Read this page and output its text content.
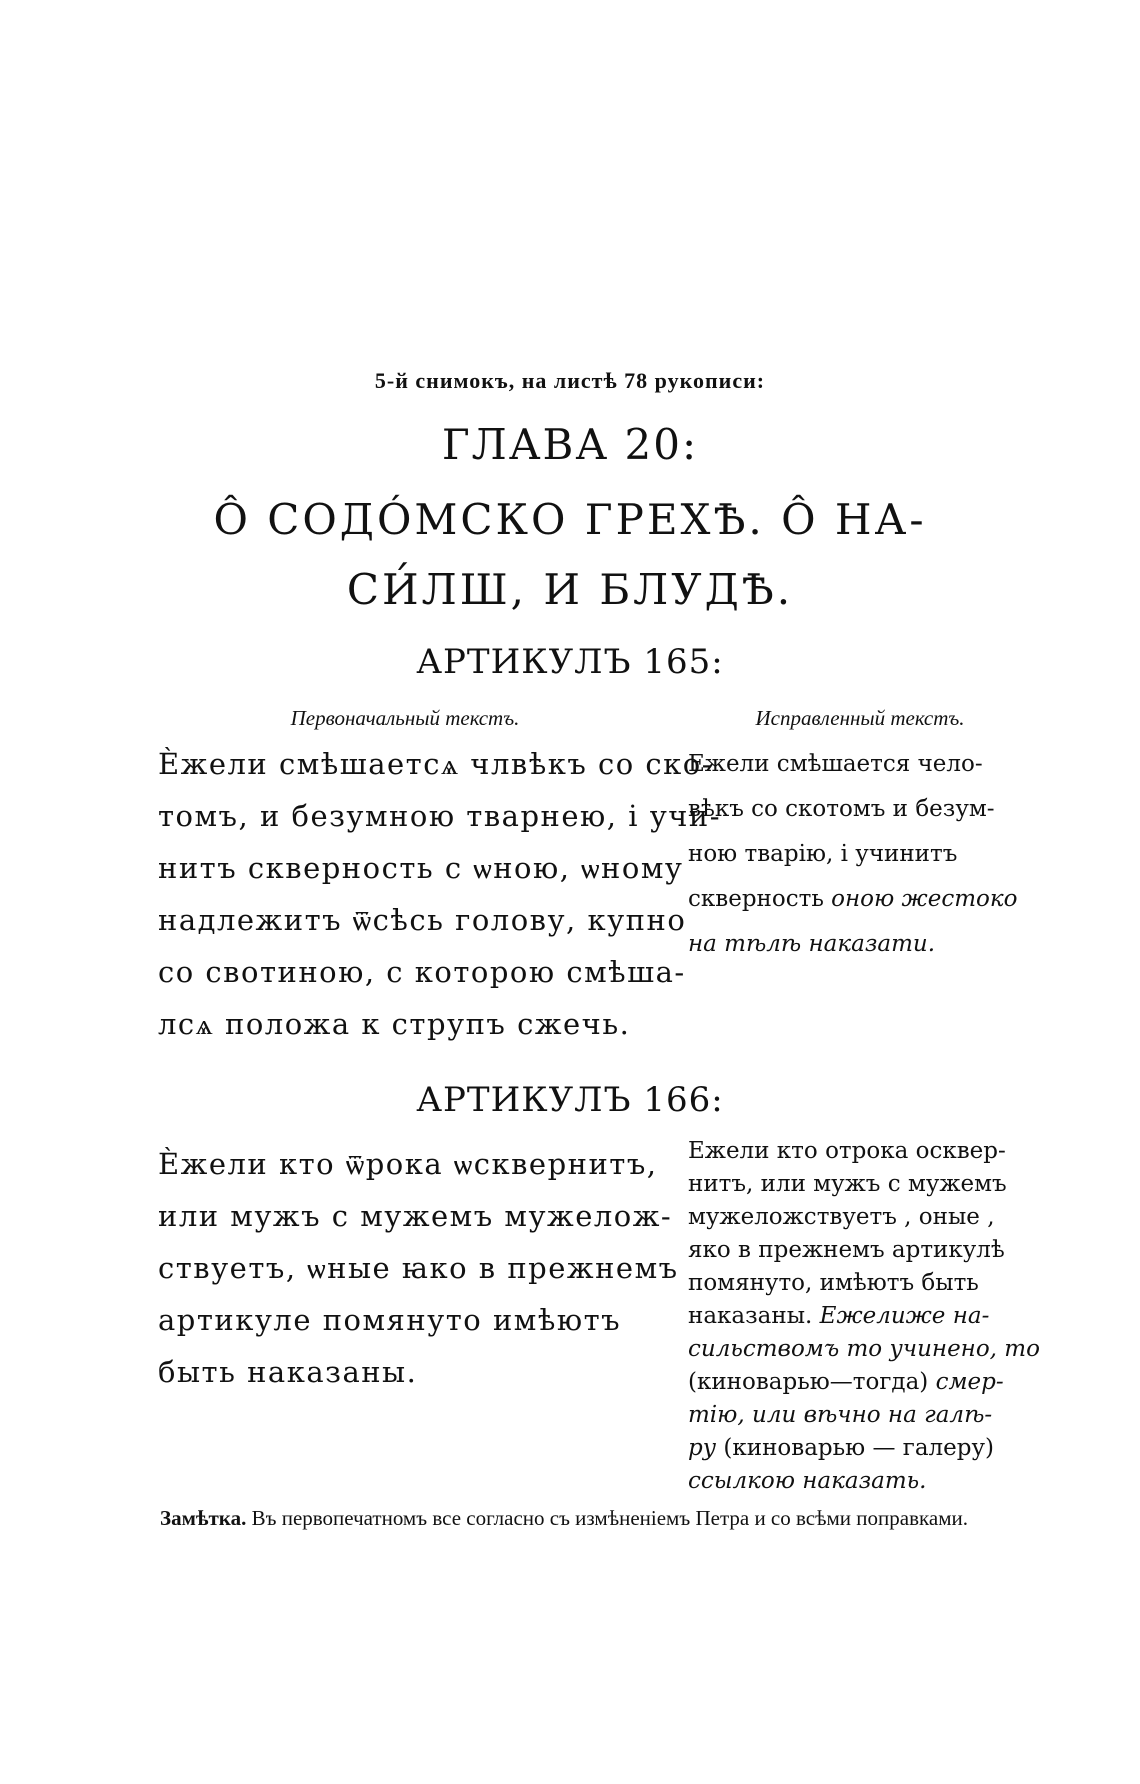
5-й снимокъ, на листѣ 78 рукописи:
ГЛАВА 20:
Ô СОДÓМСКО ГРЕХѢ. Ô НА-
СИ́ЛШ, И БЛУДѢ.
АРТИКУЛЪ 165:
Первоначальный текстъ.	Исправленный текстъ.
Ѐжели смѣшаетсѧ члвѣкъ со ско-
томъ, и безумною тварнею, і учи-
нитъ скверность с ѡною, ѡному
надлежитъ ѿсѣсь голову, купно
со свотиною, с которою смѣша-
лсѧ положа к струпъ сжечь.
Ежели смѣшается чело-
вѣкъ со скотомъ и безум-
ною тварію, і учинитъ
скверность оною жестоко
на тѣлѣ наказати.
АРТИКУЛЪ 166:
Ѐжели кто ѿрока ѡсквернитъ,
или мужъ с мужемъ мужелож-
ствуетъ, ѡные ꙗко в прежнемъ
артикуле помянуто имѣютъ
быть наказаны.
Ежели кто отрока осквер-
нитъ, или мужъ с мужемъ
мужеложствуетъ , оные ,
яко в прежнемъ артикулѣ
помянуто, имѣютъ быть
наказаны. Ежелиже на-
сильствомъ то учинено, то
(киноварью—тогда) смер-
тію, или вѣчно на галѣ-
ру (киноварью — галеру)
ссылкою наказать.
Замѣтка. Въ первопечатномъ все согласно съ измѣненіемъ Петра и со всѣми поправками.
